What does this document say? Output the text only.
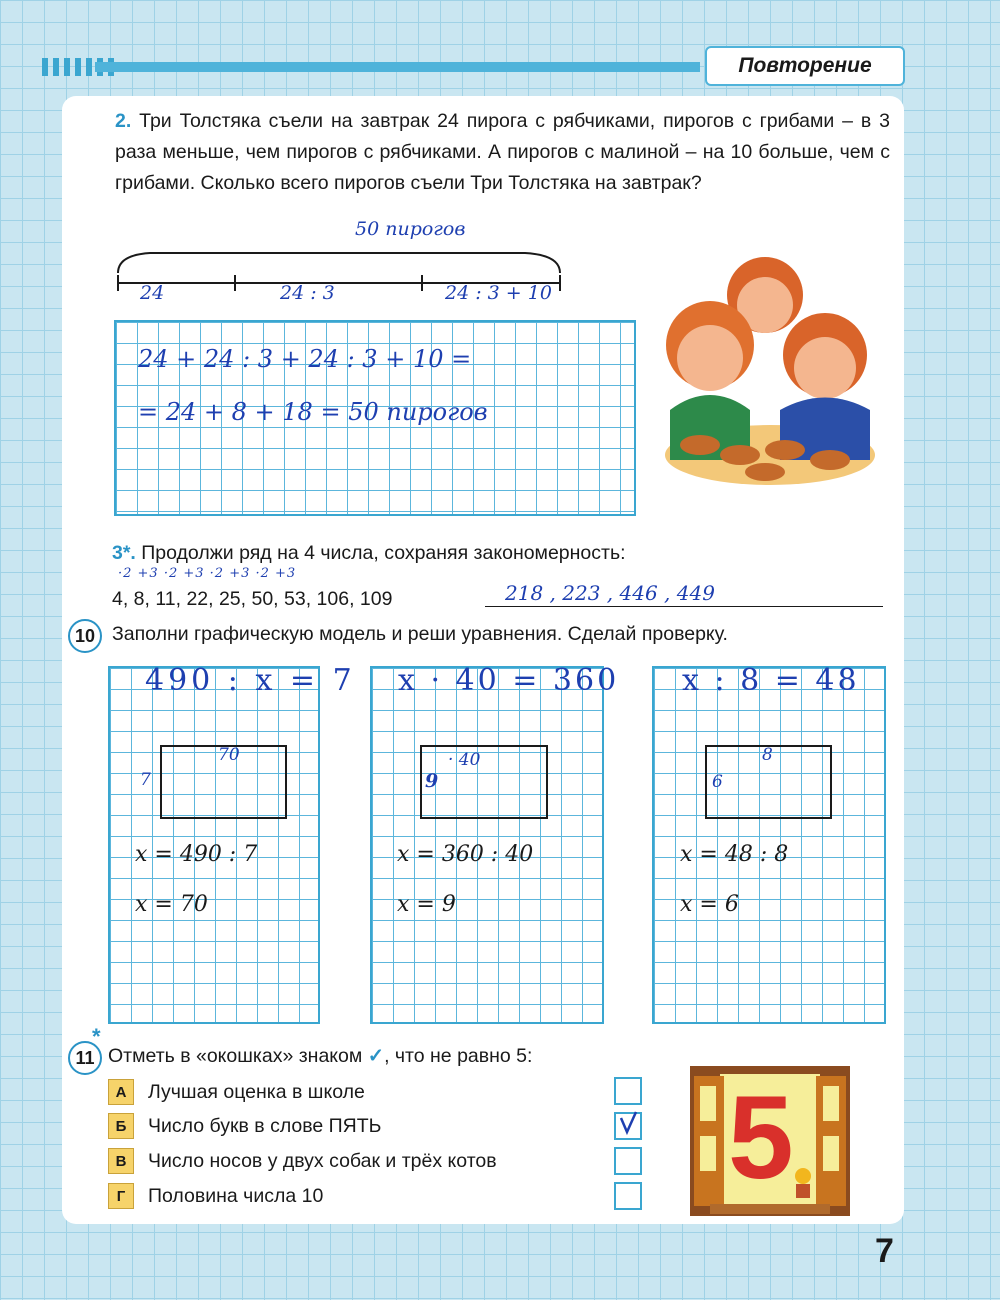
Повторение
2. Три Толстяка съели на завтрак 24 пирога с рябчиками, пирогов с грибами – в 3 раза меньше, чем пирогов с рябчиками. А пирогов с малиной – на 10 больше, чем с грибами. Сколько всего пирогов съели Три Толстяка на завтрак?
50 пирогов
24	24 : 3	24 : 3 + 10
24 + 24 : 3 + 24 : 3 + 10 =
= 24 + 8 + 18 = 50 пирогов
3*. Продолжи ряд на 4 числа, сохраняя закономерность:
·2 +3 ·2 +3 ·2 +3 ·2 +3
4, 8, 11, 22, 25, 50, 53, 106, 109	218 , 223 , 446 , 449
10 Заполни графическую модель и реши уравнения. Сделай проверку.
490 : x = 7 x · 40 = 360 x : 8 = 48
70
7
· 40
9
8
6
x = 490 : 7
x = 70
x = 360 : 40
x = 9
x = 48 : 8
x = 6
11
*
Отметь в «окошках» знаком ✓, что не равно 5:
А	Лучшая оценка в школе
Б	Число букв в слове ПЯТЬ
В	Число носов у двух собак и трёх котов
Г	Половина числа 10	5
7
